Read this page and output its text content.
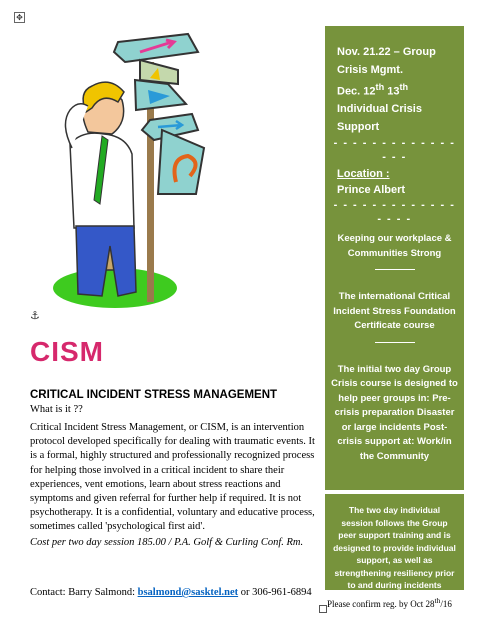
✥
⚓
CISM
CRITICAL INCIDENT STRESS MANAGEMENT
What is it ??
Critical Incident Stress Management, or CISM, is an intervention protocol developed specifically for dealing with traumatic events. It is a formal, highly structured and professionally recognized process for helping those involved in a critical incident to share their experiences, vent emotions, learn about stress reactions and symptoms and given referral for further help if required. It is not psychotherapy. It is a confidential, voluntary and educative process, sometimes called 'psychological first aid'.
Cost per two day session 185.00 / P.A. Golf & Curling Conf. Rm.
Contact: Barry Salmond: bsalmond@sasktel.net or 306-961-6894
Nov. 21.22 – Group
Crisis Mgmt.
Dec. 12th 13th
Individual Crisis
Support
- - - - - - - - - - - - - - - -
Location :
Prince Albert
- - - - - - - - - - - - - - - - -
Keeping our workplace & Communities Strong
The international Critical Incident Stress Foundation Certificate course
The initial two day Group Crisis course is designed to help peer groups in: Pre-crisis preparation Disaster or large incidents Post-crisis support at: Work/in the Community
The two day individual session follows the Group peer support training and is designed to provide individual support, as well as strengthening resiliency prior to and during incidents
Please confirm reg. by Oct 28th/16
